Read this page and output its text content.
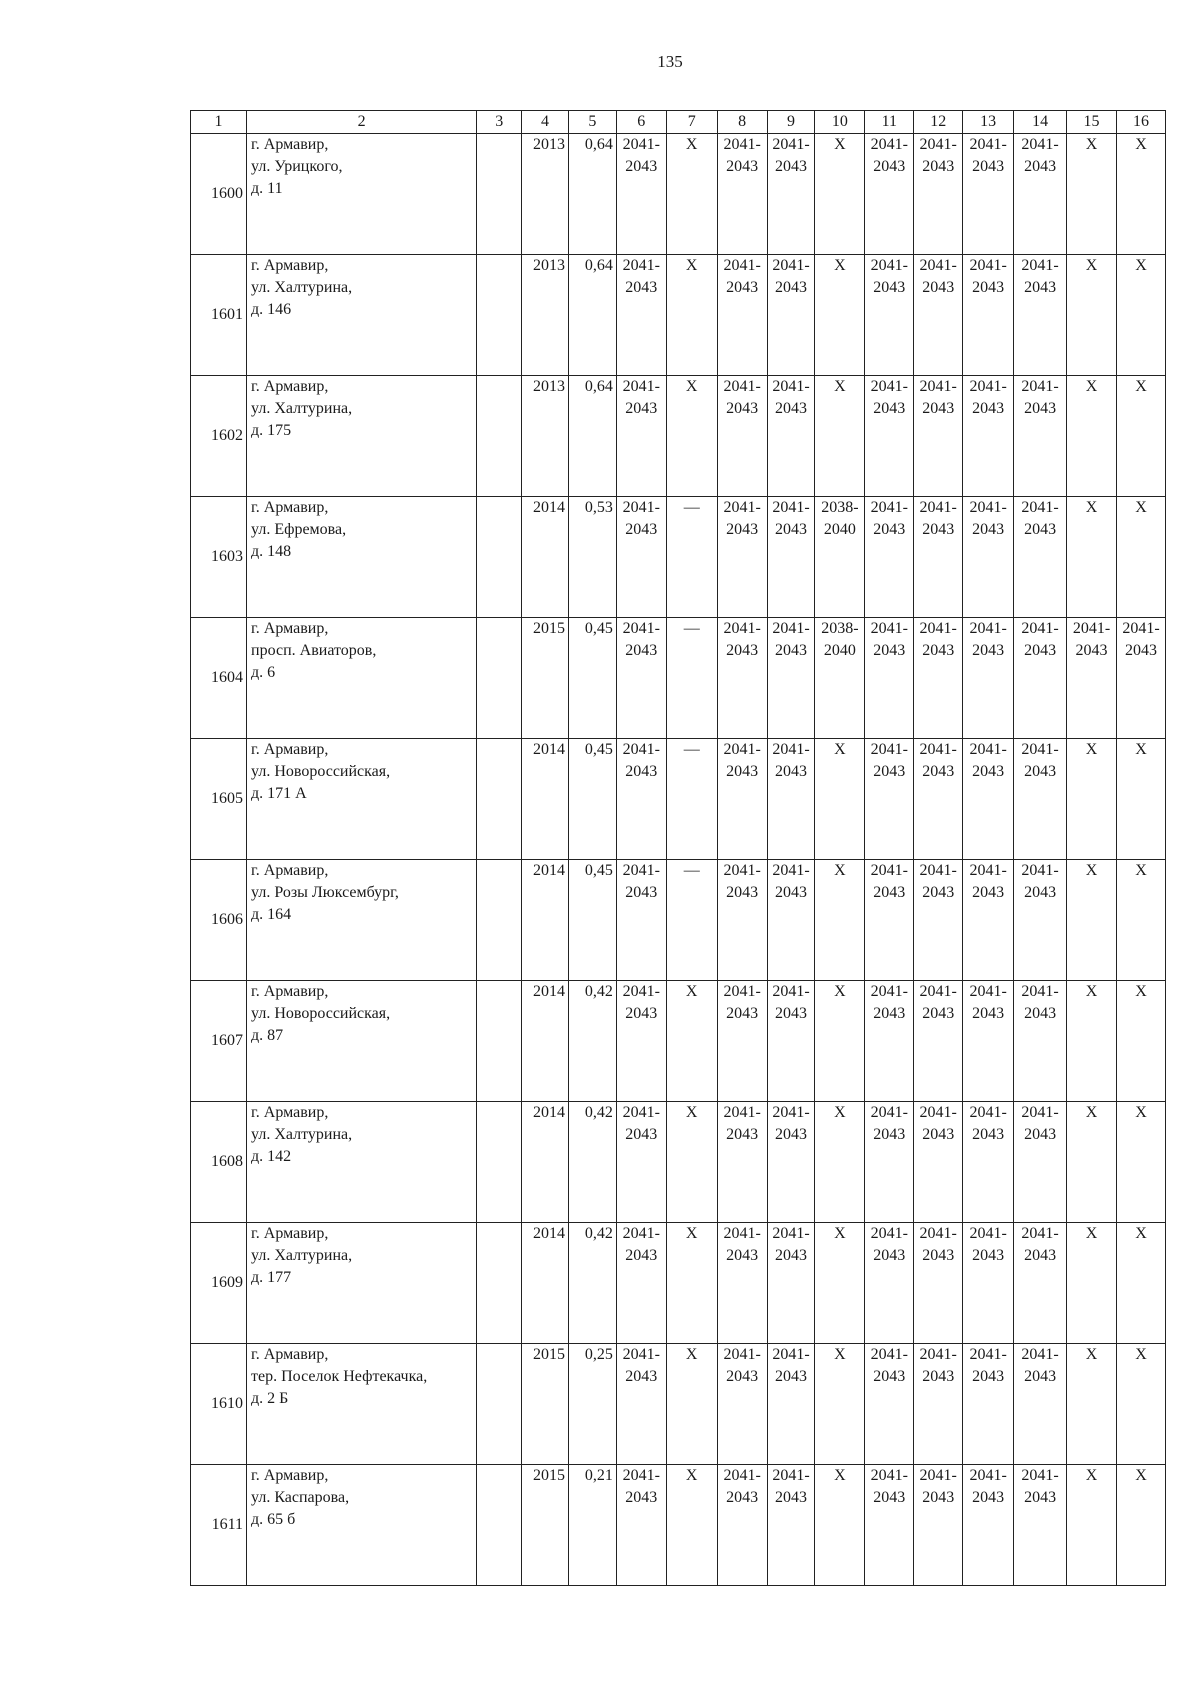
135
1	2	3	4	5	6	7	8	9	10	11	12	13	14	15	16
1600	г. Армавир,
ул. Урицкого,
д. 11		2013	0,64	2041-
2043	X	2041-
2043	2041-
2043	X	2041-
2043	2041-
2043	2041-
2043	2041-
2043	X	X

1601	г. Армавир,
ул. Халтурина,
д. 146		2013	0,64	2041-
2043	X	2041-
2043	2041-
2043	X	2041-
2043	2041-
2043	2041-
2043	2041-
2043	X	X

1602	г. Армавир,
ул. Халтурина,
д. 175		2013	0,64	2041-
2043	X	2041-
2043	2041-
2043	X	2041-
2043	2041-
2043	2041-
2043	2041-
2043	X	X

1603	г. Армавир,
ул. Ефремова,
д. 148		2014	0,53	2041-
2043	—	2041-
2043	2041-
2043	2038-
2040	2041-
2043	2041-
2043	2041-
2043	2041-
2043	X	X

1604	г. Армавир,
просп. Авиаторов,
д. 6		2015	0,45	2041-
2043	—	2041-
2043	2041-
2043	2038-
2040	2041-
2043	2041-
2043	2041-
2043	2041-
2043	2041-
2043	2041-
2043

1605	г. Армавир,
ул. Новороссийская,
д. 171 А		2014	0,45	2041-
2043	—	2041-
2043	2041-
2043	X	2041-
2043	2041-
2043	2041-
2043	2041-
2043	X	X

1606	г. Армавир,
ул. Розы Люксембург,
д. 164		2014	0,45	2041-
2043	—	2041-
2043	2041-
2043	X	2041-
2043	2041-
2043	2041-
2043	2041-
2043	X	X

1607	г. Армавир,
ул. Новороссийская,
д. 87		2014	0,42	2041-
2043	X	2041-
2043	2041-
2043	X	2041-
2043	2041-
2043	2041-
2043	2041-
2043	X	X

1608	г. Армавир,
ул. Халтурина,
д. 142		2014	0,42	2041-
2043	X	2041-
2043	2041-
2043	X	2041-
2043	2041-
2043	2041-
2043	2041-
2043	X	X

1609	г. Армавир,
ул. Халтурина,
д. 177		2014	0,42	2041-
2043	X	2041-
2043	2041-
2043	X	2041-
2043	2041-
2043	2041-
2043	2041-
2043	X	X

1610	г. Армавир,
тер. Поселок Нефтекачка,
д. 2 Б		2015	0,25	2041-
2043	X	2041-
2043	2041-
2043	X	2041-
2043	2041-
2043	2041-
2043	2041-
2043	X	X

1611	г. Армавир,
ул. Каспарова,
д. 65 б		2015	0,21	2041-
2043	X	2041-
2043	2041-
2043	X	2041-
2043	2041-
2043	2041-
2043	2041-
2043	X	X
